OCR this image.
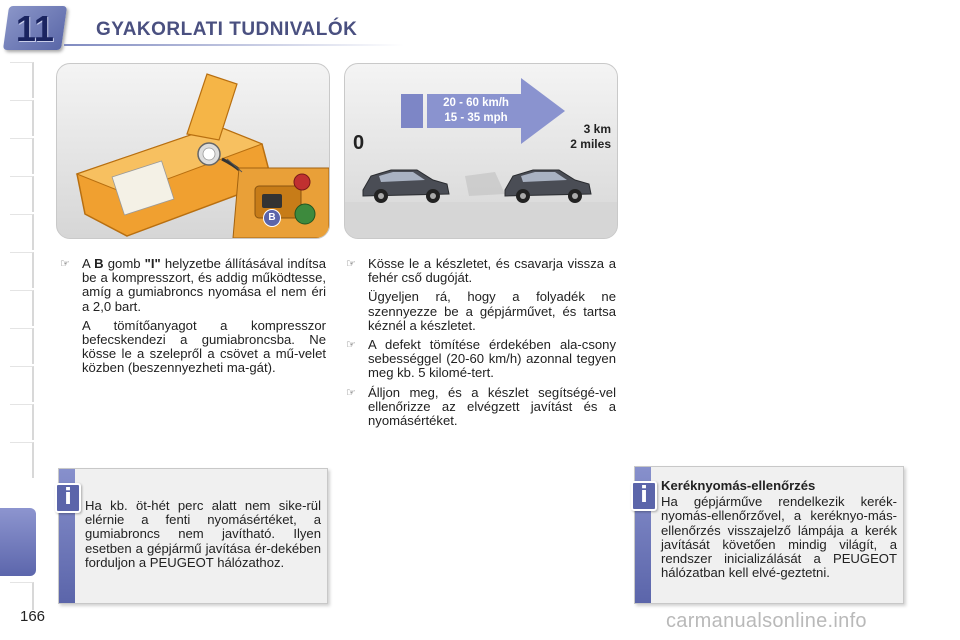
11	GYAKORLATI TUDNIVALÓK
B
20 - 60 km/h
15 - 35 mph
0
3 km
2 miles
☞ A B gomb "I" helyzetbe állításával indítsa be a kompresszort, és addig működtesse, amíg a gumiabroncs nyomása el nem éri a 2,0 bart.
A tömítőanyagot a kompresszor befecskendezi a gumiabroncsba. Ne kösse le a szelepről a csövet a mű-velet közben (beszennyezheti ma-gát).
☞ Kösse le a készletet, és csavarja vissza a fehér cső dugóját.
Ügyeljen rá, hogy a folyadék ne szennyezze be a gépjárművet, és tartsa kéznél a készletet.
☞ A defekt tömítése érdekében ala-csony sebességgel (20-60 km/h) azonnal tegyen meg kb. 5 kilomé-tert.
☞ Álljon meg, és a készlet segítségé-vel ellenőrizze az elvégzett javítást és a nyomásértéket.
i	Ha kb. öt-hét perc alatt nem sike-rül elérnie a fenti nyomásértéket, a gumiabroncs nem javítható. Ilyen esetben a gépjármű javítása ér-dekében forduljon a PEUGEOT hálózathoz.
i	Keréknyomás-ellenőrzés
Ha gépjárműve rendelkezik kerék-nyomás-ellenőrzővel, a keréknyo-más-ellenőrzés visszajelző lámpája a kerék javítását követően mindig világít, a rendszer inicializálását a PEUGEOT hálózatban kell elvé-geztetni.
166	carmanualsonline.info
